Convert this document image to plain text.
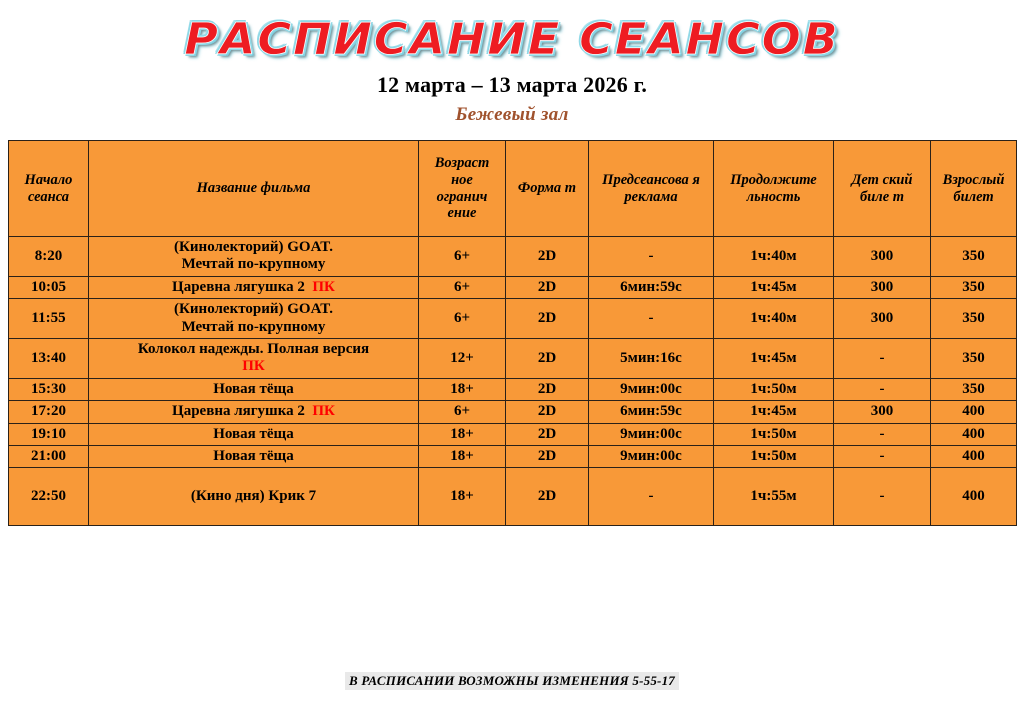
РАСПИСАНИЕ СЕАНСОВ
12 марта – 13 марта 2026 г.
Бежевый зал
Начало сеанса	Название фильма	Возраст ное огранич ение	Форма т	Предсеансова я реклама	Продолжите льность	Дет ский биле т	Взрослый билет
8:20	(Кинолекторий) GOAT.
Мечтай по-крупному	6+	2D	-	1ч:40м	300	350
10:05	Царевна лягушка 2 ПК	6+	2D	6мин:59с	1ч:45м	300	350
11:55	(Кинолекторий) GOAT.
Мечтай по-крупному	6+	2D	-	1ч:40м	300	350
13:40	Колокол надежды. Полная версия
ПК	12+	2D	5мин:16с	1ч:45м	-	350
15:30	Новая тёща	18+	2D	9мин:00с	1ч:50м	-	350
17:20	Царевна лягушка 2 ПК	6+	2D	6мин:59с	1ч:45м	300	400
19:10	Новая тёща	18+	2D	9мин:00с	1ч:50м	-	400
21:00	Новая тёща	18+	2D	9мин:00с	1ч:50м	-	400
22:50	(Кино дня) Крик 7	18+	2D	-	1ч:55м	-	400
В РАСПИСАНИИ ВОЗМОЖНЫ ИЗМЕНЕНИЯ 5-55-17
